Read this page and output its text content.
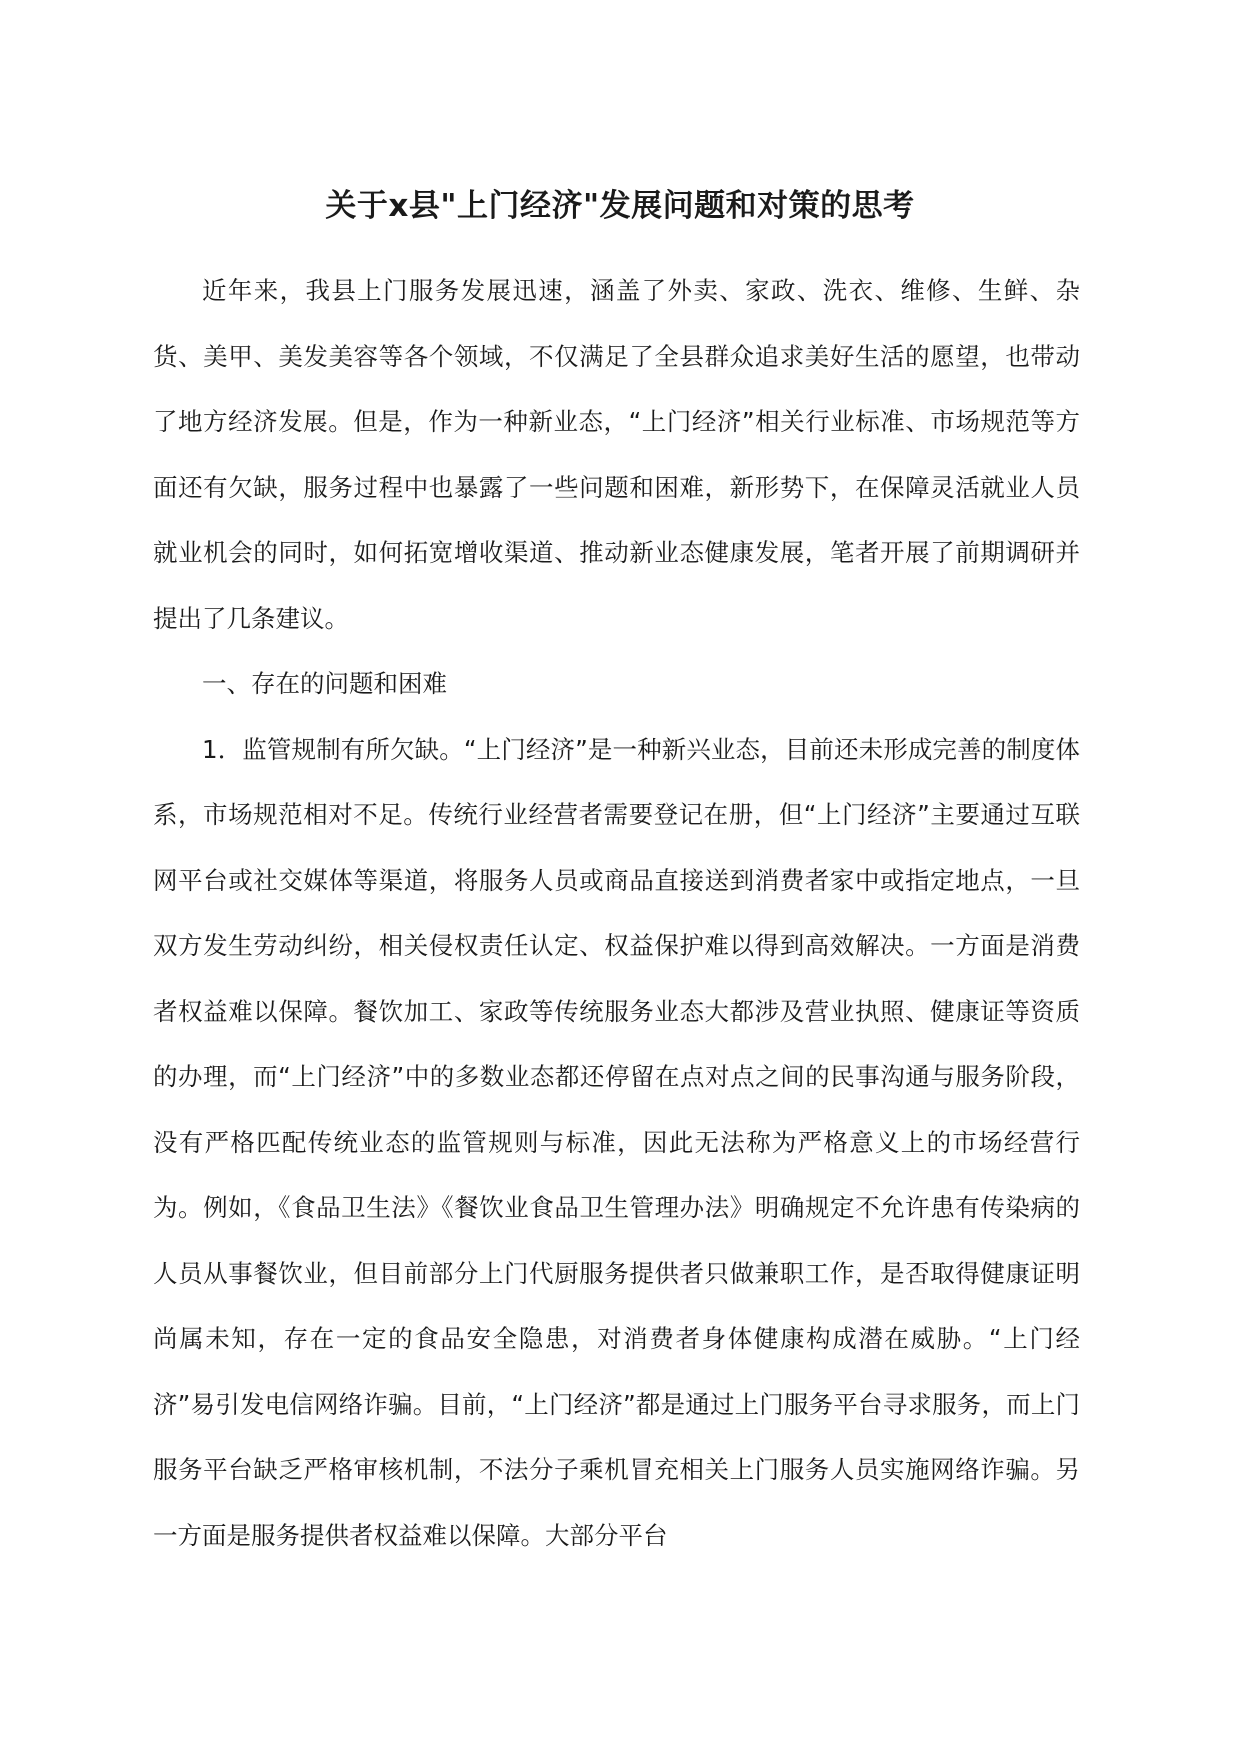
关于x县"上门经济"发展问题和对策的思考

近年来，我县上门服务发展迅速，涵盖了外卖、家政、洗衣、维修、生鲜、杂货、美甲、美发美容等各个领域，不仅满足了全县群众追求美好生活的愿望，也带动了地方经济发展。但是，作为一种新业态，“上门经济”相关行业标准、市场规范等方面还有欠缺，服务过程中也暴露了一些问题和困难，新形势下，在保障灵活就业人员就业机会的同时，如何拓宽增收渠道、推动新业态健康发展，笔者开展了前期调研并提出了几条建议。

一、存在的问题和困难

1．监管规制有所欠缺。“上门经济”是一种新兴业态，目前还未形成完善的制度体系，市场规范相对不足。传统行业经营者需要登记在册，但“上门经济”主要通过互联网平台或社交媒体等渠道，将服务人员或商品直接送到消费者家中或指定地点，一旦双方发生劳动纠纷，相关侵权责任认定、权益保护难以得到高效解决。一方面是消费者权益难以保障。餐饮加工、家政等传统服务业态大都涉及营业执照、健康证等资质的办理，而“上门经济”中的多数业态都还停留在点对点之间的民事沟通与服务阶段，没有严格匹配传统业态的监管规则与标准，因此无法称为严格意义上的市场经营行为。例如，《食品卫生法》《餐饮业食品卫生管理办法》明确规定不允许患有传染病的人员从事餐饮业，但目前部分上门代厨服务提供者只做兼职工作，是否取得健康证明尚属未知，存在一定的食品安全隐患，对消费者身体健康构成潜在威胁。“上门经济”易引发电信网络诈骗。目前，“上门经济”都是通过上门服务平台寻求服务，而上门服务平台缺乏严格审核机制，不法分子乘机冒充相关上门服务人员实施网络诈骗。另一方面是服务提供者权益难以保障。大部分平台
